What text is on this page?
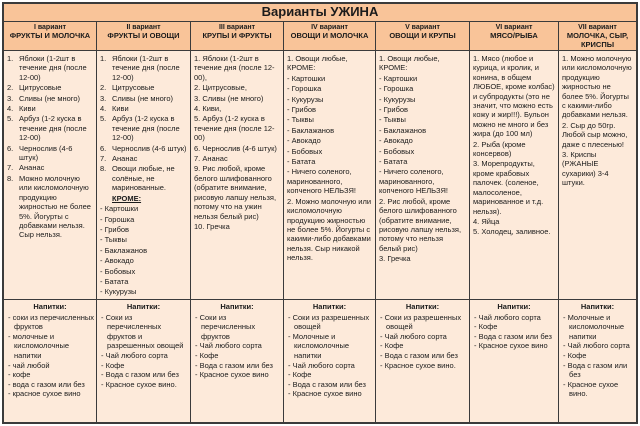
Варианты УЖИНА
I вариант
ФРУКТЫ И МОЛОЧКА
II вариант
ФРУКТЫ И ОВОЩИ
III вариант
КРУПЫ И ФРУКТЫ
IV вариант
ОВОЩИ И МОЛОЧКА
V вариант
ОВОЩИ И КРУПЫ
VI вариант
МЯСО/РЫБА
VII вариант
МОЛОЧКА, СЫР, КРИСПЫ
1. Яблоки (1-2шт в течение дня (после 12-00)
2. Цитрусовые
3. Сливы (не много)
4. Киви
5. Арбуз (1-2 куска в течение дня (после 12-00)
6. Чернослив (4-6 штук)
7. Ананас
8. Можно молочную или кисломолочную продукцию жирностью не более 5%. Йогурты с добавками нельзя. Сыр нельзя.
1. Яблоки (1-2шт в течение дня (после 12-00)
2. Цитрусовые
3. Сливы (не много)
4. Киви
5. Арбуз (1-2 куска в течение дня (после 12-00)
6. Чернослив (4-6 штук)
7. Ананас
8. Овощи любые, не солёные, не маринованные.
КРОМЕ:
- Картошки
- Горошка
- Грибов
- Тыквы
- Баклажанов
- Авокадо
- Бобовых
- Батата
- Кукурузы
1. Яблоки (1-2шт в течение дня (после 12-00),
2. Цитрусовые,
3. Сливы (не много)
4. Киви,
5. Арбуз (1-2 куска в течение дня (после 12-00)
6. Чернослив (4-6 штук)
7. Ананас
9. Рис любой, кроме белого шлифованного (обратите внимание, рисовую лапшу нельзя, потому что на ужин нельзя белый рис)
10. Гречка
1. Овощи любые, КРОМЕ:
- Картошки
- Горошка
- Кукурузы
- Грибов
- Тыквы
- Баклажанов
- Авокадо
- Бобовых
- Батата
- Ничего соленого, маринованного, копченого НЕЛЬЗЯ!
2. Можно молочную или кисломолочную продукцию жирностью не более 5%. Йогурты с какими-либо добавками нельзя. Сыр никакой нельзя.
1. Овощи любые, КРОМЕ:
- Картошки
- Горошка
- Кукурузы
- Грибов
- Тыквы
- Баклажанов
- Авокадо
- Бобовых
- Батата
- Ничего соленого, маринованного, копченого НЕЛЬЗЯ!
2. Рис любой, кроме белого шлифованного (обратите внимание, рисовую лапшу нельзя, потому что нельзя белый рис)
3. Гречка
1. Мясо (любое и курица, и кролик, и конина, в общем ЛЮБОЕ, кроме колбас) и субпродукты (это не значит, что можно есть кожу и жир!!!). Бульон можно не много и без жира (до 100 мл)
2. Рыба (кроме консервов)
3. Морепродукты, кроме крабовых палочек. (соленое, малосоленое, маринованное и т.д. нельзя).
4. Яйца
5. Холодец, заливное.
1. Можно молочную или кисломолочную продукцию жирностью не более 5%. Йогурты с какими-либо добавками нельзя.
2. Сыр до 50гр. Любой сыр можно, даже с плесенью!
3. Криспы (РЖАНЫЕ сухарики) 3-4 штуки.
Напитки:
- соки из перечисленных фруктов
- молочные и кисломолочные напитки
- чай любой
- кофе
- вода с газом или без
- красное сухое вино
Напитки:
- Соки из перечисленных фруктов и разрешенных овощей
- Чай любого сорта
- Кофе
- Вода с газом или без
- Красное сухое вино.
Напитки:
- Соки из перечисленных фруктов
- Чай любого сорта
- Кофе
- Вода с газом или без
- Красное сухое вино
Напитки:
- Соки из разрешенных овощей
- Молочные и кисломолочные напитки
- Чай любого сорта
- Кофе
- Вода с газом или без
- Красное сухое вино
Напитки:
- Соки из разрешенных овощей
- Чай любого сорта
- Кофе
- Вода с газом или без
- Красное сухое вино.
Напитки:
- Чай любого сорта
- Кофе
- Вода с газом или без
- Красное сухое вино
Напитки:
- Молочные и кисломолочные напитки
- Чай любого сорта
- Кофе
- Вода с газом или без
- Красное сухое вино.
